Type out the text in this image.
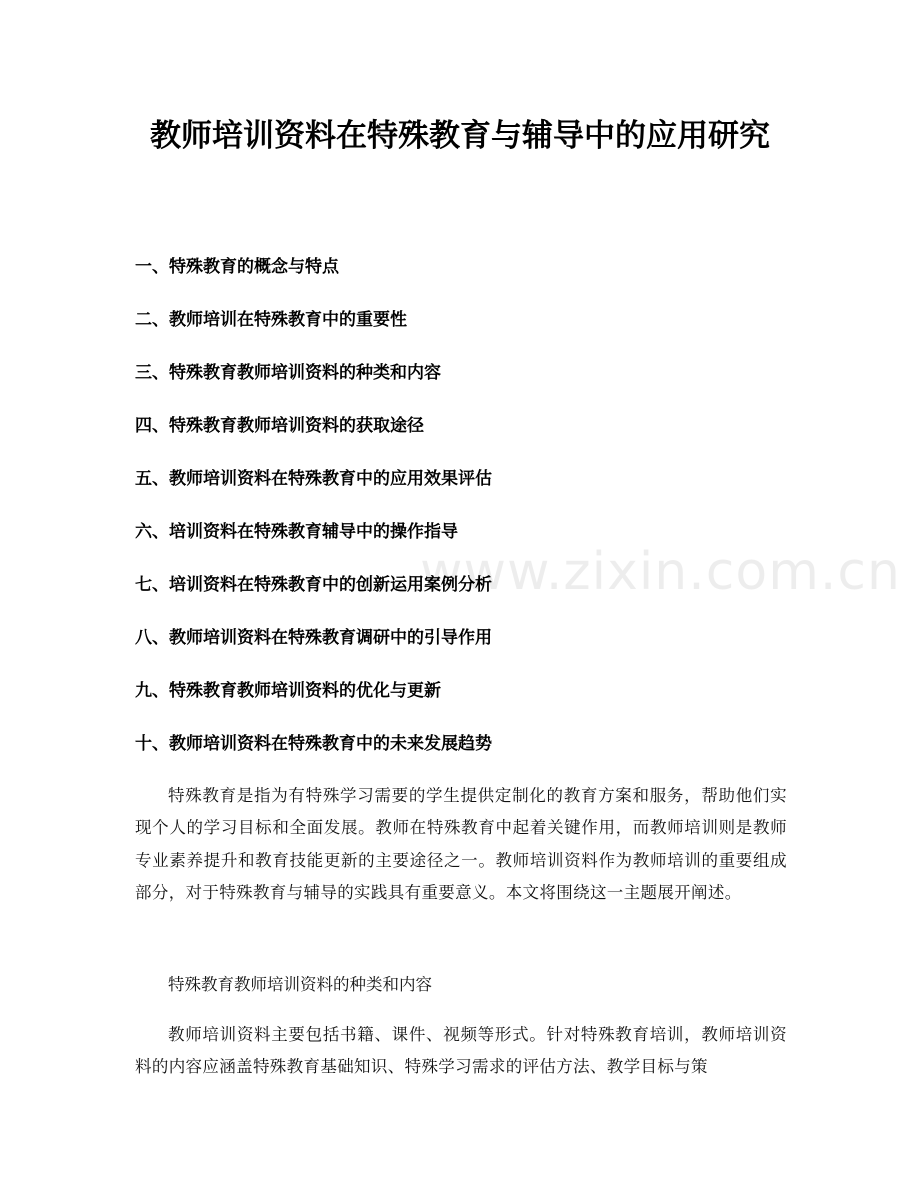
教师培训资料在特殊教育与辅导中的应用研究
一、特殊教育的概念与特点
二、教师培训在特殊教育中的重要性
三、特殊教育教师培训资料的种类和内容
四、特殊教育教师培训资料的获取途径
五、教师培训资料在特殊教育中的应用效果评估
六、培训资料在特殊教育辅导中的操作指导
七、培训资料在特殊教育中的创新运用案例分析
八、教师培训资料在特殊教育调研中的引导作用
九、特殊教育教师培训资料的优化与更新
十、教师培训资料在特殊教育中的未来发展趋势

特殊教育是指为有特殊学习需要的学生提供定制化的教育方案和服务，帮助他们实现个人的学习目标和全面发展。教师在特殊教育中起着关键作用，而教师培训则是教师专业素养提升和教育技能更新的主要途径之一。教师培训资料作为教师培训的重要组成部分，对于特殊教育与辅导的实践具有重要意义。本文将围绕这一主题展开阐述。

特殊教育教师培训资料的种类和内容

教师培训资料主要包括书籍、课件、视频等形式。针对特殊教育培训，教师培训资料的内容应涵盖特殊教育基础知识、特殊学习需求的评估方法、教学目标与策

www.zixin.com.cn
